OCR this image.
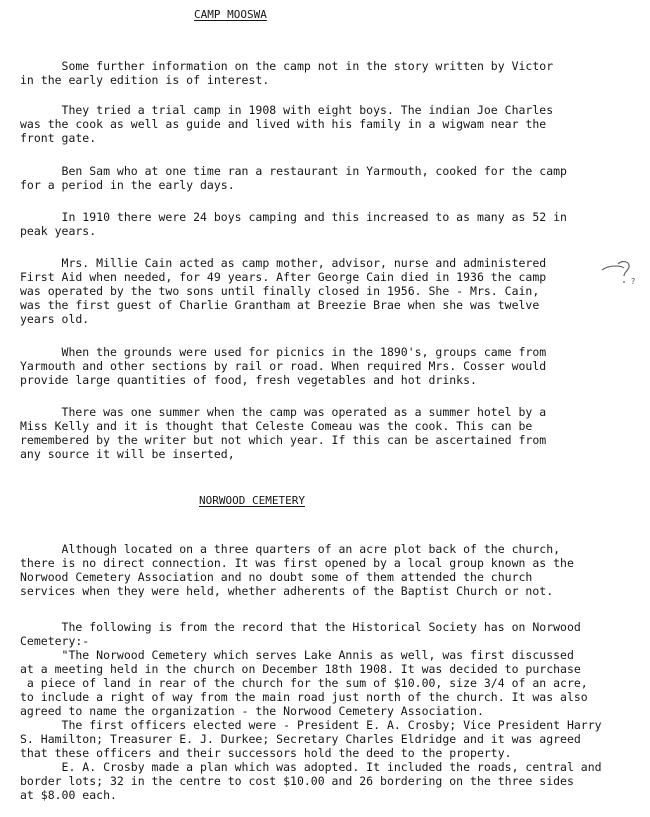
CAMP MOOSWA

Some further information on the camp not in the story written by Victor
in the early edition is of interest.

They tried a trial camp in 1908 with eight boys. The indian Joe Charles
was the cook as well as guide and lived with his family in a wigwam near the
front gate.

Ben Sam who at one time ran a restaurant in Yarmouth, cooked for the camp
for a period in the early days.

In 1910 there were 24 boys camping and this increased to as many as 52 in
peak years.

Mrs. Millie Cain acted as camp mother, advisor, nurse and administered
First Aid when needed, for 49 years. After George Cain died in 1936 the camp
was operated by the two sons until finally closed in 1956. She - Mrs. Cain,
was the first guest of Charlie Grantham at Breezie Brae when she was twelve
years old.

?

When the grounds were used for picnics in the 1890's, groups came from
Yarmouth and other sections by rail or road. When required Mrs. Cosser would
provide large quantities of food, fresh vegetables and hot drinks.

There was one summer when the camp was operated as a summer hotel by a
Miss Kelly and it is thought that Celeste Comeau was the cook. This can be
remembered by the writer but not which year. If this can be ascertained from
any source it will be inserted,

NORWOOD CEMETERY

Although located on a three quarters of an acre plot back of the church,
there is no direct connection. It was first opened by a local group known as the
Norwood Cemetery Association and no doubt some of them attended the church
services when they were held, whether adherents of the Baptist Church or not.

The following is from the record that the Historical Society has on Norwood
Cemetery:-
"The Norwood Cemetery which serves Lake Annis as well, was first discussed
at a meeting held in the church on December 18th 1908. It was decided to purchase
a piece of land in rear of the church for the sum of $10.00, size 3/4 of an acre,
to include a right of way from the main road just north of the church. It was also
agreed to name the organization - the Norwood Cemetery Association.
The first officers elected were - President E. A. Crosby; Vice President Harry
S. Hamilton; Treasurer E. J. Durkee; Secretary Charles Eldridge and it was agreed
that these officers and their successors hold the deed to the property.
E. A. Crosby made a plan which was adopted. It included the roads, central and
border lots; 32 in the centre to cost $10.00 and 26 bordering on the three sides
at $8.00 each.
